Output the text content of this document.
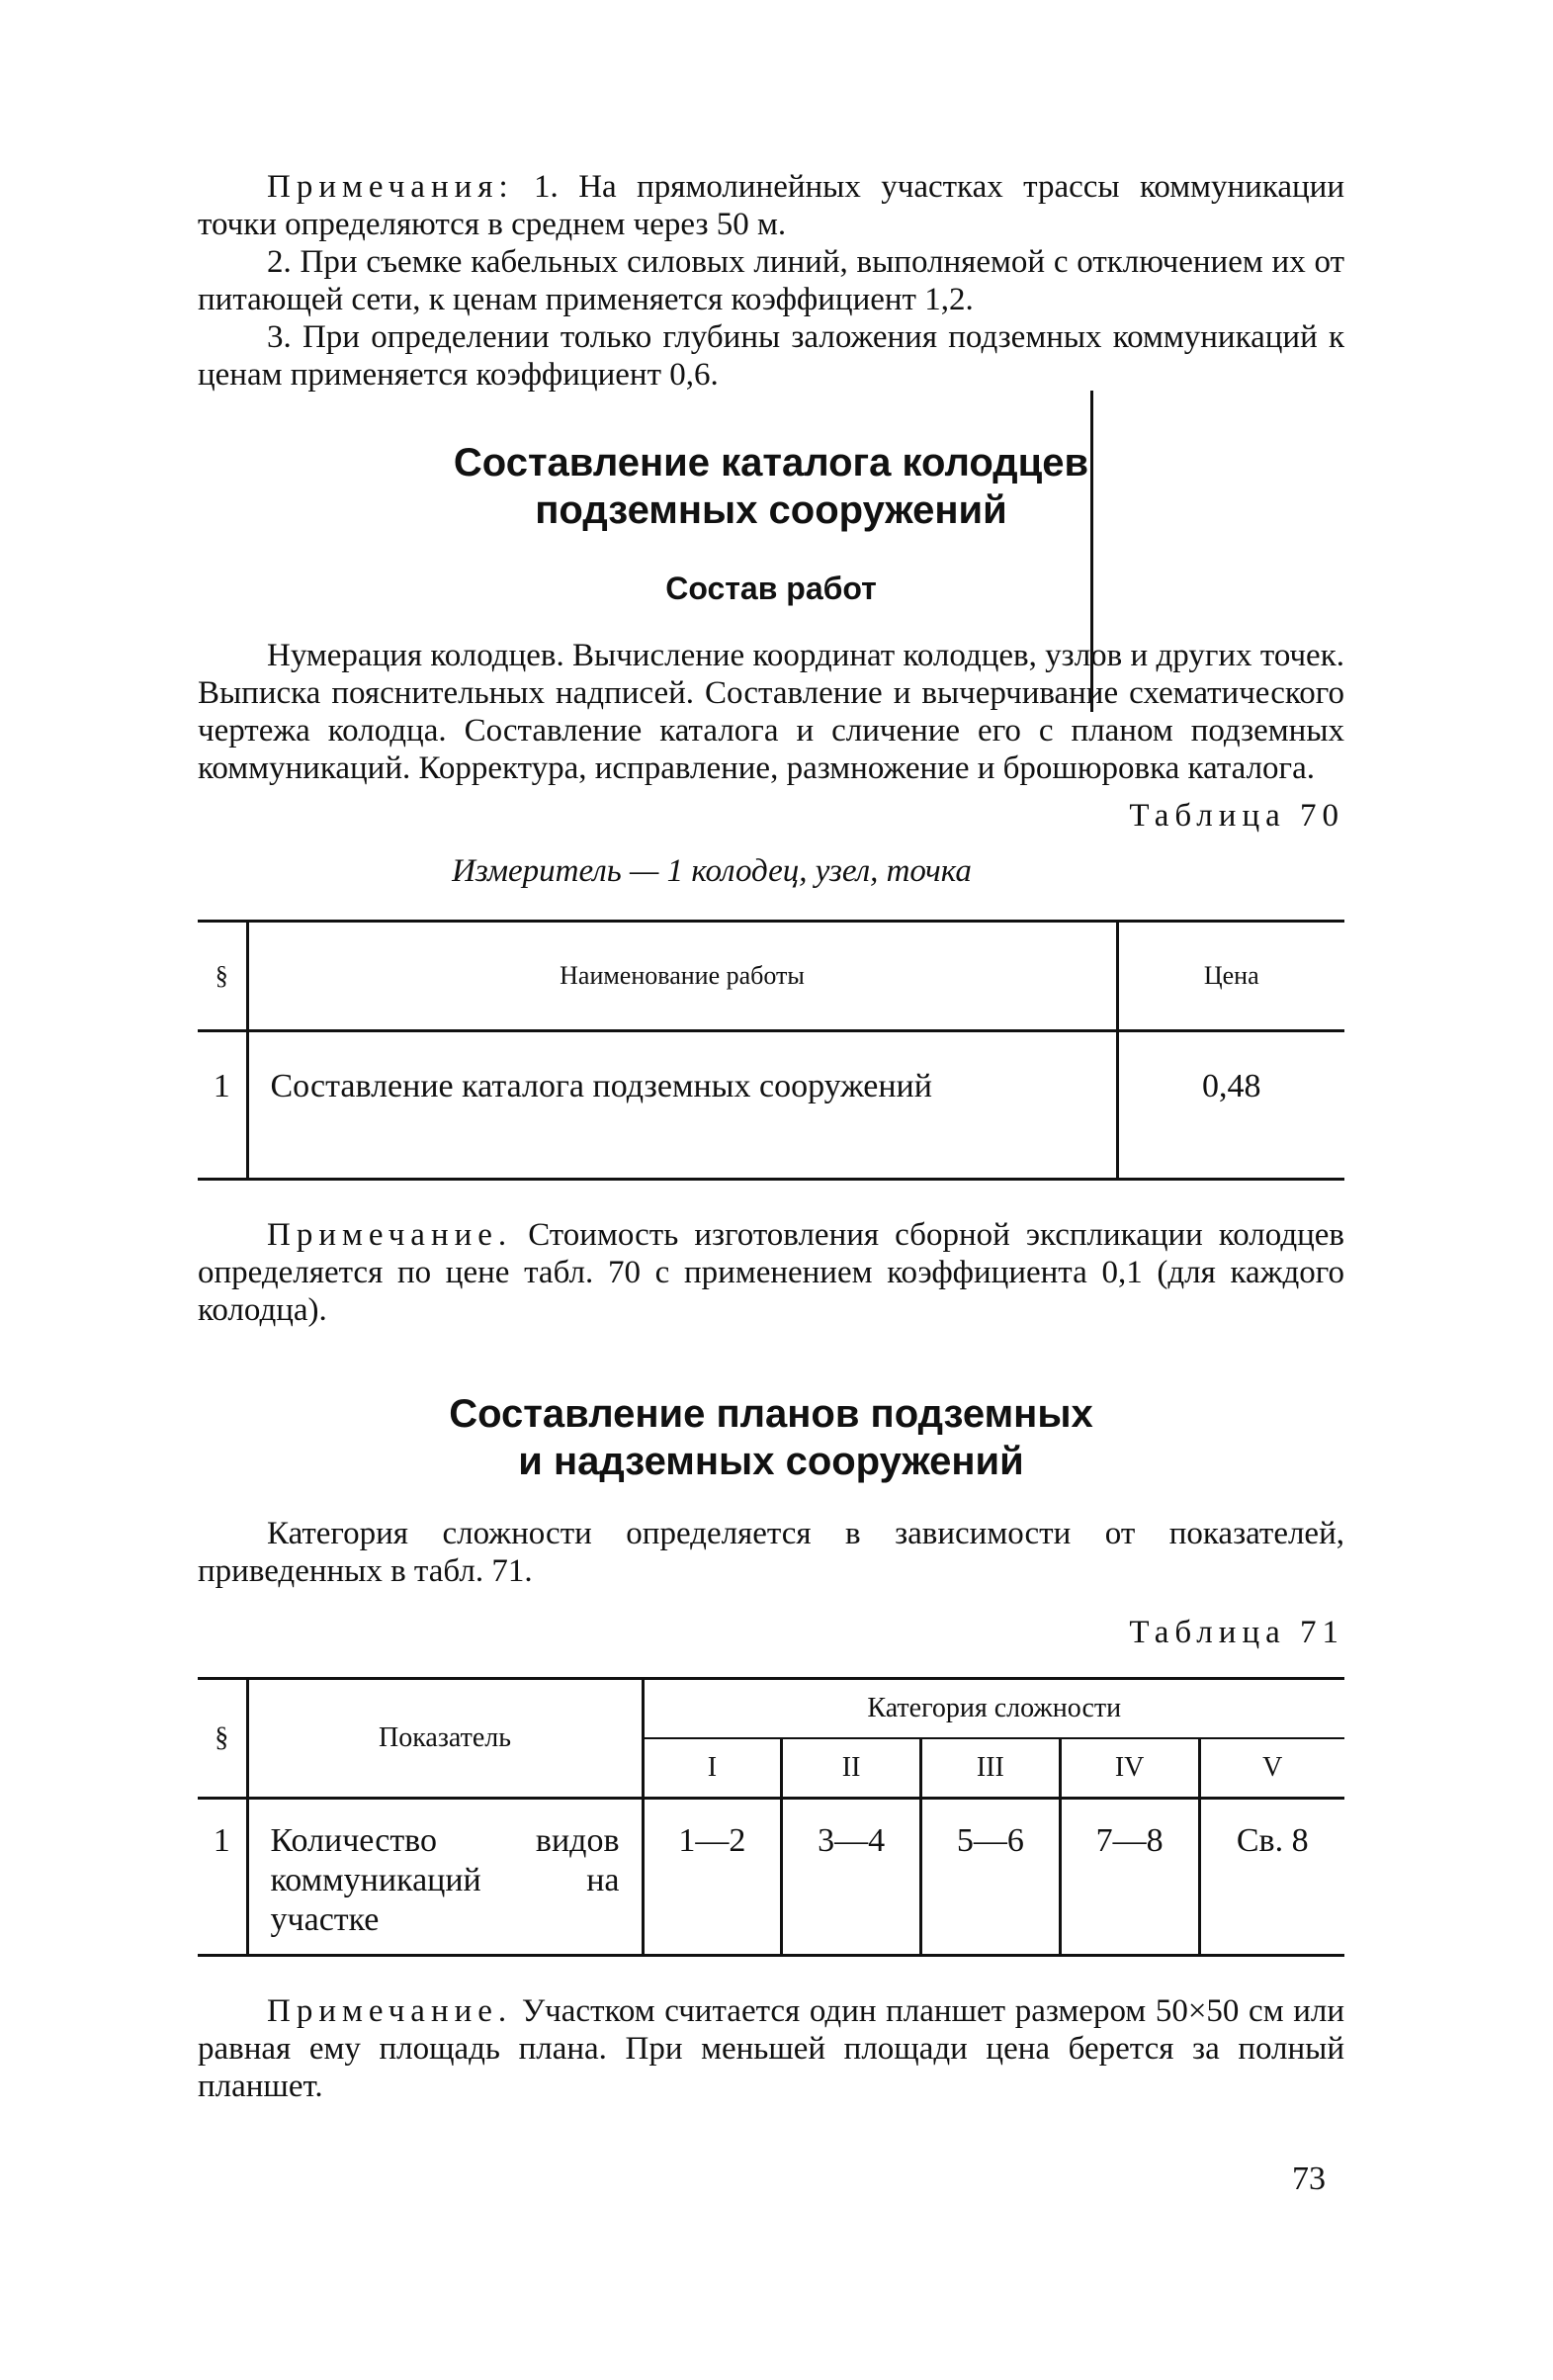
Примечания: 1. На прямолинейных участках трассы коммуникации точки определяются в среднем через 50 м.

2. При съемке кабельных силовых линий, выполняемой с отключением их от питающей сети, к ценам применяется коэффициент 1,2.

3. При определении только глубины заложения подземных коммуникаций к ценам применяется коэффициент 0,6.

Составление каталога колодцев
подземных сооружений
Состав работ

Нумерация колодцев. Вычисление координат колодцев, узлов и других точек. Выписка пояснительных надписей. Составление и вычерчивание схематического чертежа колодца. Составление каталога и сличение его с планом подземных коммуникаций. Корректура, исправление, размножение и брошюровка каталога.

Таблица 70

Измеритель — 1 колодец, узел, точка

§	Наименование работы	Цена
1	Составление каталога подземных сооружений	0,48

Примечание. Стоимость изготовления сборной экспликации колодцев определяется по цене табл. 70 с применением коэффициента 0,1 (для каждого колодца).

Составление планов подземных
и надземных сооружений

Категория сложности определяется в зависимости от показателей, приведенных в табл. 71.

Таблица 71

§	Показатель	Категория сложности				
		I	II	III	IV	V
1	Количество видов коммуникаций на участке	1—2	3—4	5—6	7—8	Св. 8

Примечание. Участком считается один планшет размером 50×50 см или равная ему площадь плана. При меньшей площади цена берется за полный планшет.

73
